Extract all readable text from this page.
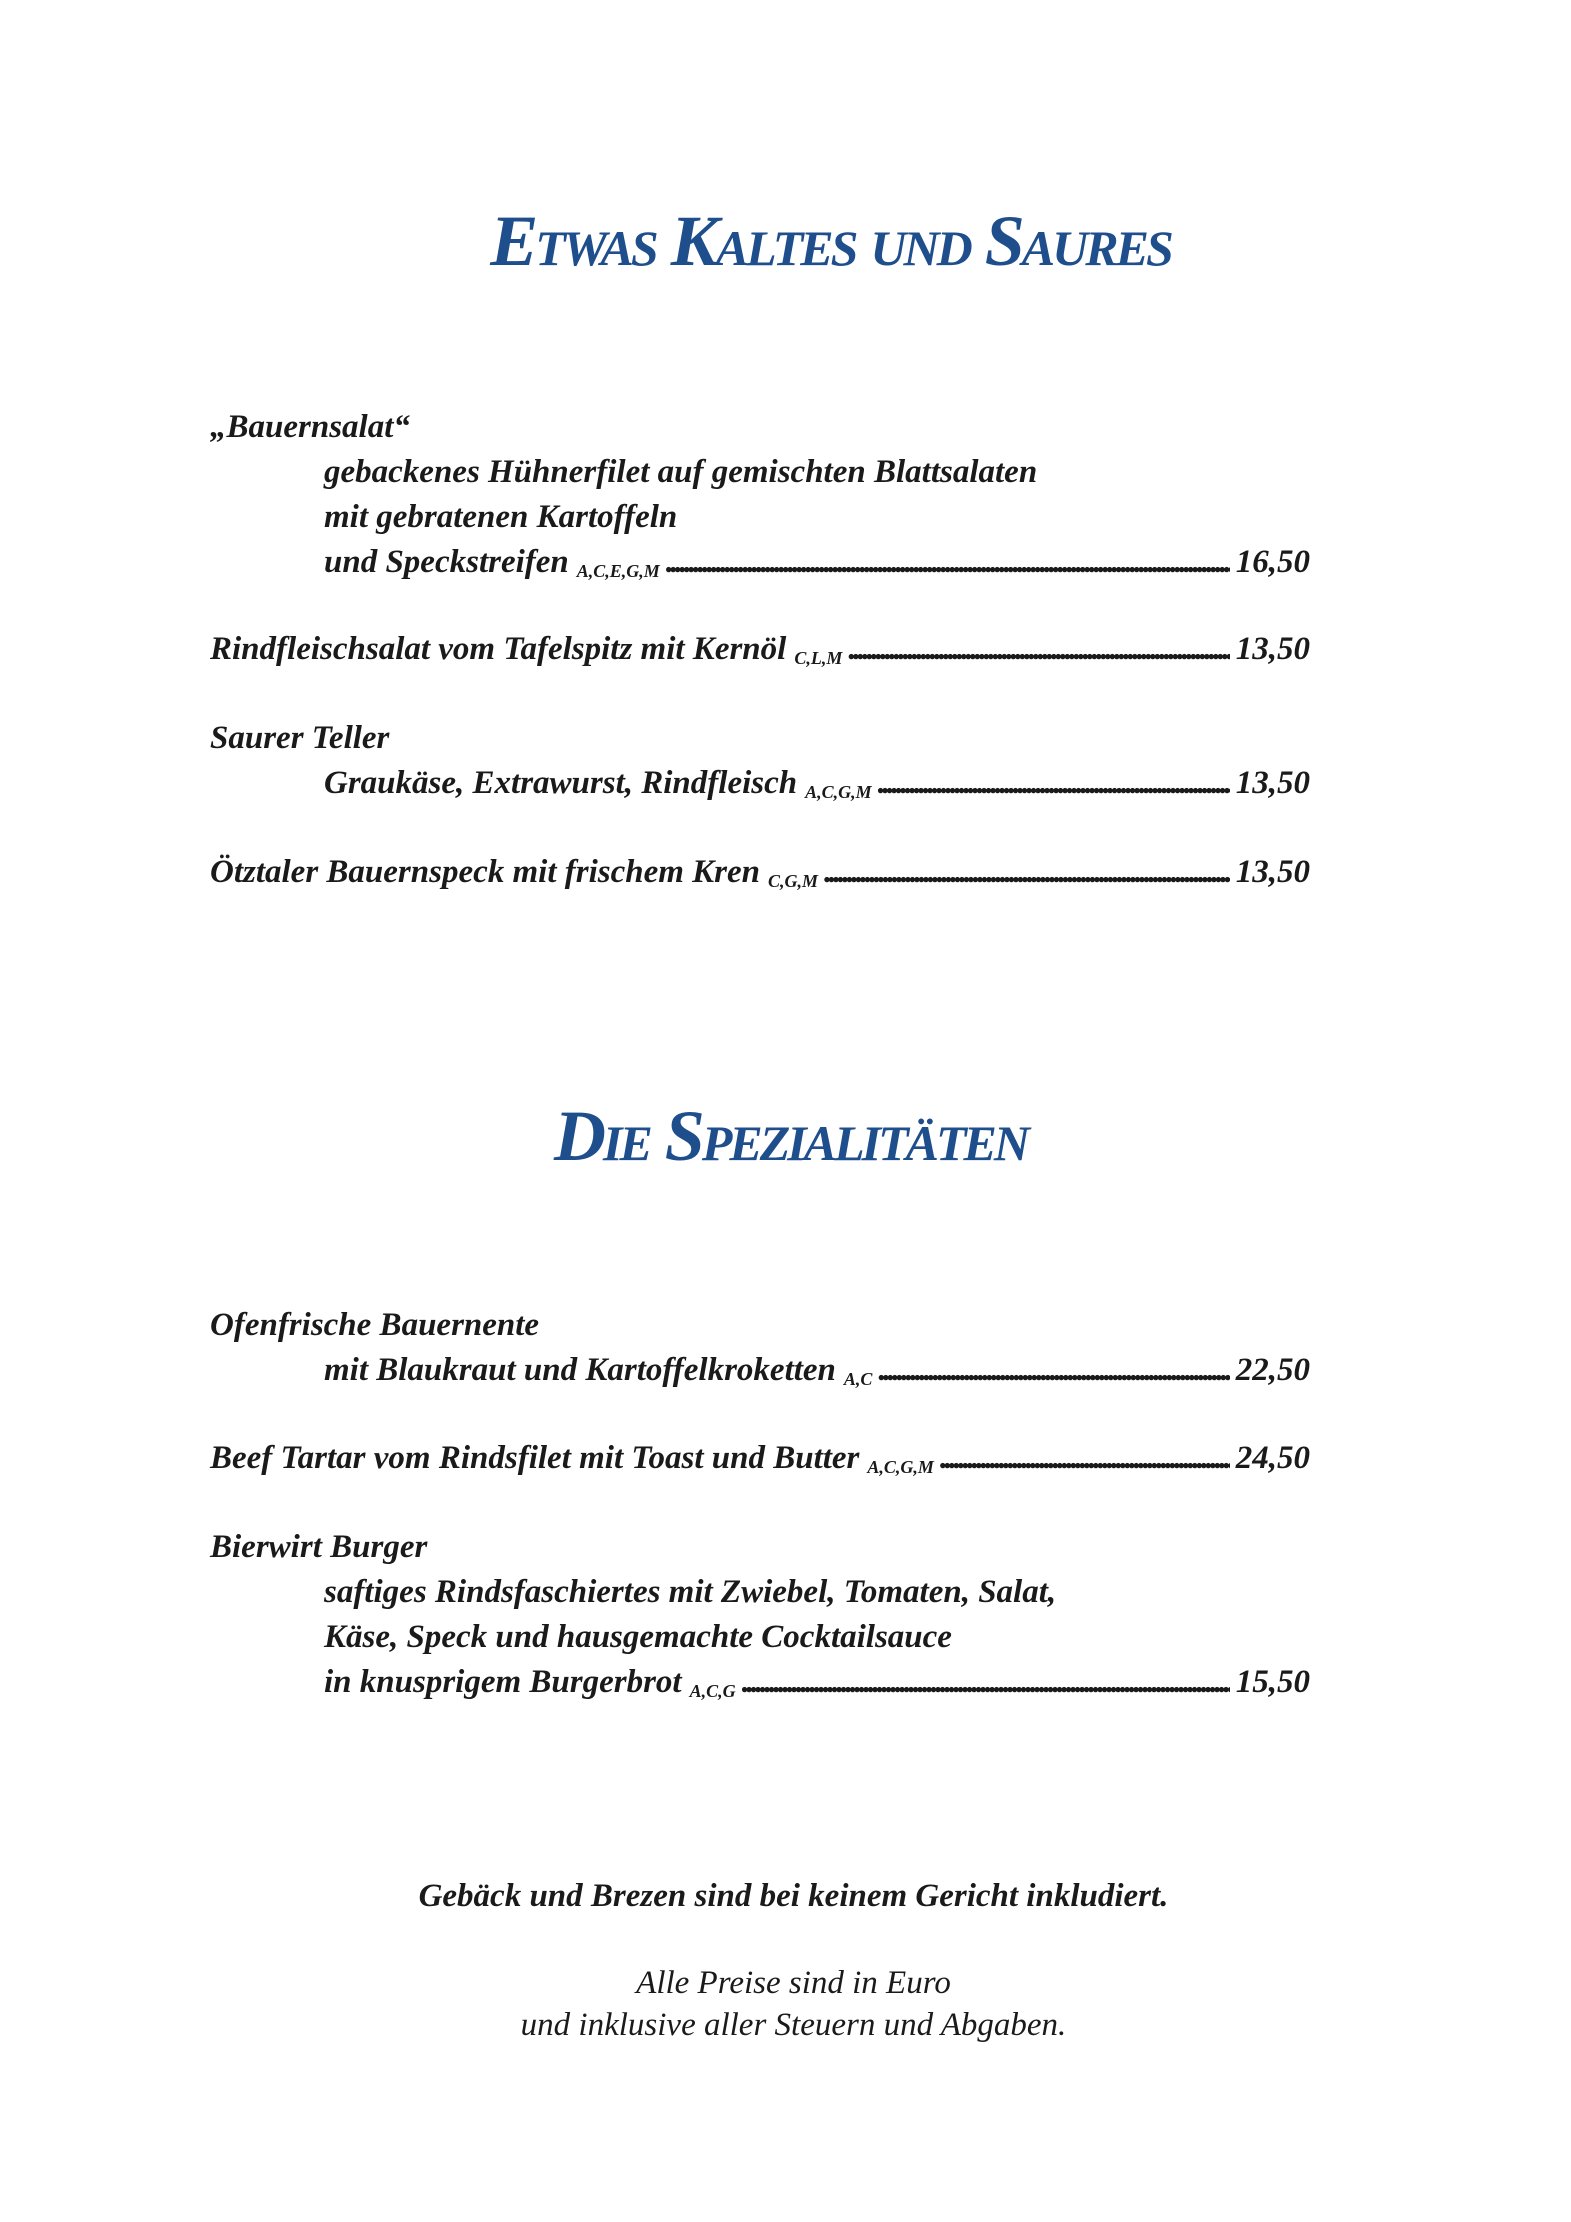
Etwas Kaltes und Saures
„Bauernsalat“
gebackenes Hühnerfilet auf gemischten Blattsalaten
mit gebratenen Kartoffeln
und Speckstreifen A,C,E,G,M . . .	16,50
Rindfleischsalat vom Tafelspitz mit Kernöl C,L,M . . .	13,50
Saurer Teller
Graukäse, Extrawurst, Rindfleisch A,C,G,M . . .	13,50
Ötztaler Bauernspeck mit frischem Kren C,G,M . . .	13,50
Die Spezialitäten
Ofenfrische Bauernente
mit Blaukraut und Kartoffelkroketten A,C . . .	22,50
Beef Tartar vom Rindsfilet mit Toast und Butter A,C,G,M . . .	24,50
Bierwirt Burger
saftiges Rindsfaschiertes mit Zwiebel, Tomaten, Salat,
Käse, Speck und hausgemachte Cocktailsauce
in knusprigem Burgerbrot A,C,G . . .	15,50
Gebäck und Brezen sind bei keinem Gericht inkludiert.
Alle Preise sind in Euro
und inklusive aller Steuern und Abgaben.
